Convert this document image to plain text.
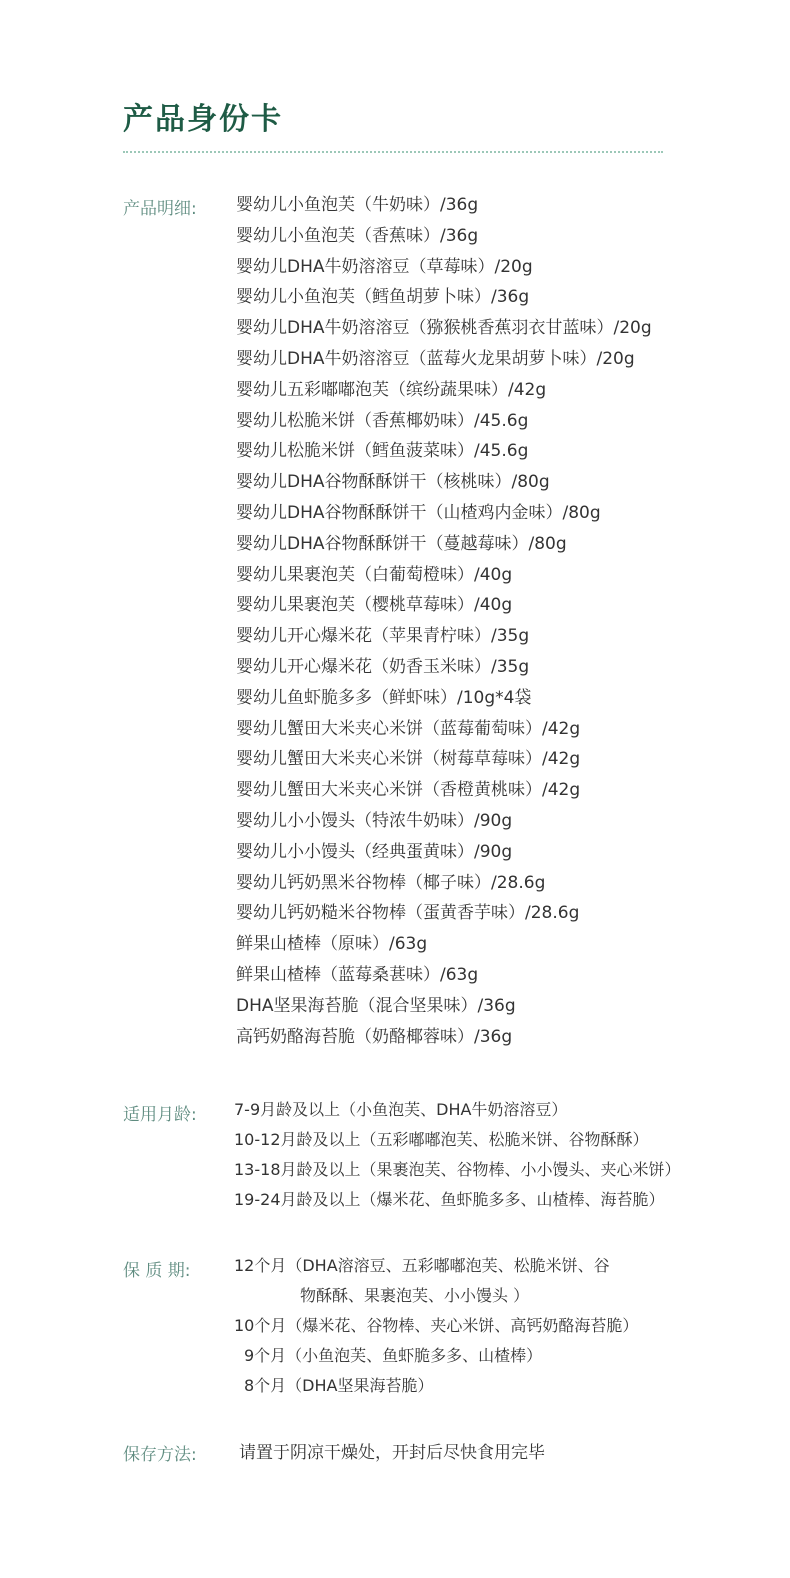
产品身份卡
产品明细: 婴幼儿小鱼泡芙（牛奶味）/36g
婴幼儿小鱼泡芙（香蕉味）/36g
婴幼儿DHA牛奶溶溶豆（草莓味）/20g
婴幼儿小鱼泡芙（鳕鱼胡萝卜味）/36g
婴幼儿DHA牛奶溶溶豆（猕猴桃香蕉羽衣甘蓝味）/20g
婴幼儿DHA牛奶溶溶豆（蓝莓火龙果胡萝卜味）/20g
婴幼儿五彩嘟嘟泡芙（缤纷蔬果味）/42g
婴幼儿松脆米饼（香蕉椰奶味）/45.6g
婴幼儿松脆米饼（鳕鱼菠菜味）/45.6g
婴幼儿DHA谷物酥酥饼干（核桃味）/80g
婴幼儿DHA谷物酥酥饼干（山楂鸡内金味）/80g
婴幼儿DHA谷物酥酥饼干（蔓越莓味）/80g
婴幼儿果裹泡芙（白葡萄橙味）/40g
婴幼儿果裹泡芙（樱桃草莓味）/40g
婴幼儿开心爆米花（苹果青柠味）/35g
婴幼儿开心爆米花（奶香玉米味）/35g
婴幼儿鱼虾脆多多（鲜虾味）/10g*4袋
婴幼儿蟹田大米夹心米饼（蓝莓葡萄味）/42g
婴幼儿蟹田大米夹心米饼（树莓草莓味）/42g
婴幼儿蟹田大米夹心米饼（香橙黄桃味）/42g
婴幼儿小小馒头（特浓牛奶味）/90g
婴幼儿小小馒头（经典蛋黄味）/90g
婴幼儿钙奶黑米谷物棒（椰子味）/28.6g
婴幼儿钙奶糙米谷物棒（蛋黄香芋味）/28.6g
鲜果山楂棒（原味）/63g
鲜果山楂棒（蓝莓桑葚味）/63g
DHA坚果海苔脆（混合坚果味）/36g
高钙奶酪海苔脆（奶酪椰蓉味）/36g
适用月龄: 7-9月龄及以上（小鱼泡芙、DHA牛奶溶溶豆）
10-12月龄及以上（五彩嘟嘟泡芙、松脆米饼、谷物酥酥）
13-18月龄及以上（果裹泡芙、谷物棒、小小馒头、夹心米饼）
19-24月龄及以上（爆米花、鱼虾脆多多、山楂棒、海苔脆）
保 质 期:	12个月（DHA溶溶豆、五彩嘟嘟泡芙、松脆米饼、谷
物酥酥、果裹泡芙、小小馒头 ）
10个月（爆米花、谷物棒、夹心米饼、高钙奶酪海苔脆）
9个月（小鱼泡芙、鱼虾脆多多、山楂棒）
8个月（DHA坚果海苔脆）
保存方法: 请置于阴凉干燥处，开封后尽快食用完毕
